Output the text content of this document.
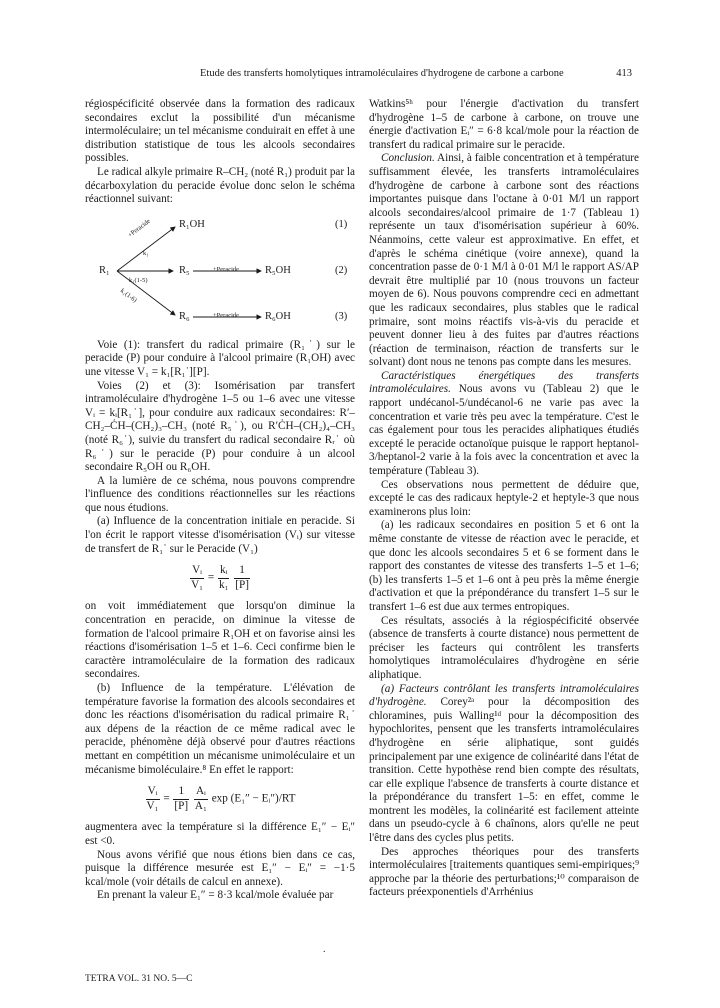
Etude des transferts homolytiques intramoléculaires d'hydrogene de carbone a carbone	413

régiospécificité observée dans la formation des radicaux secondaires exclut la possibilité d'un mécanisme intermoléculaire; un tel mécanisme conduirait en effet à une distribution statistique de tous les alcools secondaires possibles.

Le radical alkyle primaire R–CH₂ (noté R₁) produit par la décarboxylation du peracide évolue donc selon le schéma réactionnel suivant:

R₁
R₁OH
R₅
R₆
R₅OH
R₆OH
(1)
(2)
(3)
+Peracide
k₁
k₁(1-5)
k₁(1-6)
+Peracide
+Peracide

Voie (1): transfert du radical primaire (R₁˙) sur le peracide (P) pour conduire à l'alcool primaire (R₁OH) avec une vitesse V₁ = k₁[R₁˙][P].

Voies (2) et (3): Isomérisation par transfert intramoléculaire d'hydrogène 1–5 ou 1–6 avec une vitesse Vᵢ = kᵢ[R₁˙], pour conduire aux radicaux secondaires: R′–CH₂–ĊH–(CH₂)₃–CH₃ (noté R₅˙), ou R′ĊH–(CH₂)₄–CH₃ (noté R₆˙), suivie du transfert du radical secondaire Rᵣ˙ où R₆˙) sur le peracide (P) pour conduire à un alcool secondaire R₅OH ou R₆OH.

A la lumière de ce schéma, nous pouvons comprendre l'influence des conditions réactionnelles sur les réactions que nous étudions.

(a) Influence de la concentration initiale en peracide. Si l'on écrit le rapport vitesse d'isomérisation (Vᵢ) sur vitesse de transfert de R₁˙ sur le Peracide (V₁)

$\frac{\text{Vᵢ}}{\text{V₁}} = \frac{\text{kᵢ}}{\text{k₁}}$
$\frac{1}{[P]}$

on voit immédiatement que lorsqu'on diminue la concentration en peracide, on diminue la vitesse de formation de l'alcool primaire R₁OH et on favorise ainsi les réactions d'isomérisation 1–5 et 1–6. Ceci confirme bien le caractère intramoléculaire de la formation des radicaux secondaires.

(b) Influence de la température. L'élévation de température favorise la formation des alcools secondaires et donc les réactions d'isomérisation du radical primaire R₁˙ aux dépens de la réaction de ce même radical avec le peracide, phénomène déjà observé pour d'autres réactions mettant en compétition un mécanisme unimoléculaire et un mécanisme bimoléculaire.⁸ En effet le rapport:

$\frac{\text{Vᵢ}}{\text{V₁}} = \frac{1}{[P]}$
$\frac{\text{Aᵢ}}{\text{A₁}}$ exp (E₁″ − Eᵢ″)/RT

augmentera avec la température si la différence E₁″ − Eᵢ″ est <0.

Nous avons vérifié que nous étions bien dans ce cas, puisque la différence mesurée est E₁″ − Eᵢ″ = −1·5 kcal/mole (voir détails de calcul en annexe).

En prenant la valeur E₁″ = 8·3 kcal/mole évaluée par

Watkins⁵ʰ pour l'énergie d'activation du transfert d'hydrogène 1–5 de carbone à carbone, on trouve une énergie d'activation Eᵢ″ = 6·8 kcal/mole pour la réaction de transfert du radical primaire sur le peracide.

Conclusion. Ainsi, à faible concentration et à température suffisamment élevée, les transferts intramoléculaires d'hydrogène de carbone à carbone sont des réactions importantes puisque dans l'octane à 0·01 M/l un rapport alcools secondaires/alcool primaire de 1·7 (Tableau 1) représente un taux d'isomérisation supérieur à 60%. Néanmoins, cette valeur est approximative. En effet, et d'après le schéma cinétique (voire annexe), quand la concentration passe de 0·1 M/l à 0·01 M/l le rapport AS/AP devrait être multiplié par 10 (nous trouvons un facteur moyen de 6). Nous pouvons comprendre ceci en admettant que les radicaux secondaires, plus stables que le radical primaire, sont moins réactifs vis-à-vis du peracide et peuvent donner lieu à des fuites par d'autres réactions (réaction de terminaison, réaction de transferts sur le solvant) dont nous ne tenons pas compte dans les mesures.

Caractéristiques énergétiques des transferts intramoléculaires. Nous avons vu (Tableau 2) que le rapport undécanol-5/undécanol-6 ne varie pas avec la concentration et varie très peu avec la température. C'est le cas également pour tous les peracides aliphatiques étudiés excepté le peracide octanoïque puisque le rapport heptanol-3/heptanol-2 varie à la fois avec la concentration et avec la température (Tableau 3).

Ces observations nous permettent de déduire que, excepté le cas des radicaux heptyle-2 et heptyle-3 que nous examinerons plus loin:

(a) les radicaux secondaires en position 5 et 6 ont la même constante de vitesse de réaction avec le peracide, et que donc les alcools secondaires 5 et 6 se forment dans le rapport des constantes de vitesse des transferts 1–5 et 1–6; (b) les transferts 1–5 et 1–6 ont à peu près la même énergie d'activation et que la prépondérance du transfert 1–5 sur le transfert 1–6 est due aux termes entropiques.

Ces résultats, associés à la régiospécificité observée (absence de transferts à courte distance) nous permettent de préciser les facteurs qui contrôlent les transferts homolytiques intramoléculaires d'hydrogène en série aliphatique.

(a) Facteurs contrôlant les transferts intramoléculaires d'hydrogène. Corey²ᵃ pour la décomposition des chloramines, puis Walling¹ᵈ pour la décomposition des hypochlorites, pensent que les transferts intramoléculaires d'hydrogène en série aliphatique, sont guidés principalement par une exigence de colinéarité dans l'état de transition. Cette hypothèse rend bien compte des résultats, car elle explique l'absence de transferts à courte distance et la prépondérance du transfert 1–5: en effet, comme le montrent les modèles, la colinéarité est facilement atteinte dans un pseudo-cycle à 6 chaînons, alors qu'elle ne peut l'être dans des cycles plus petits.

Des approches théoriques pour des transferts intermoléculaires [traitements quantiques semi-empiriques;⁹ approche par la théorie des perturbations;¹⁰ comparaison de facteurs préexponentiels d'Arrhénius

.
TETRA VOL. 31 NO. 5—C
